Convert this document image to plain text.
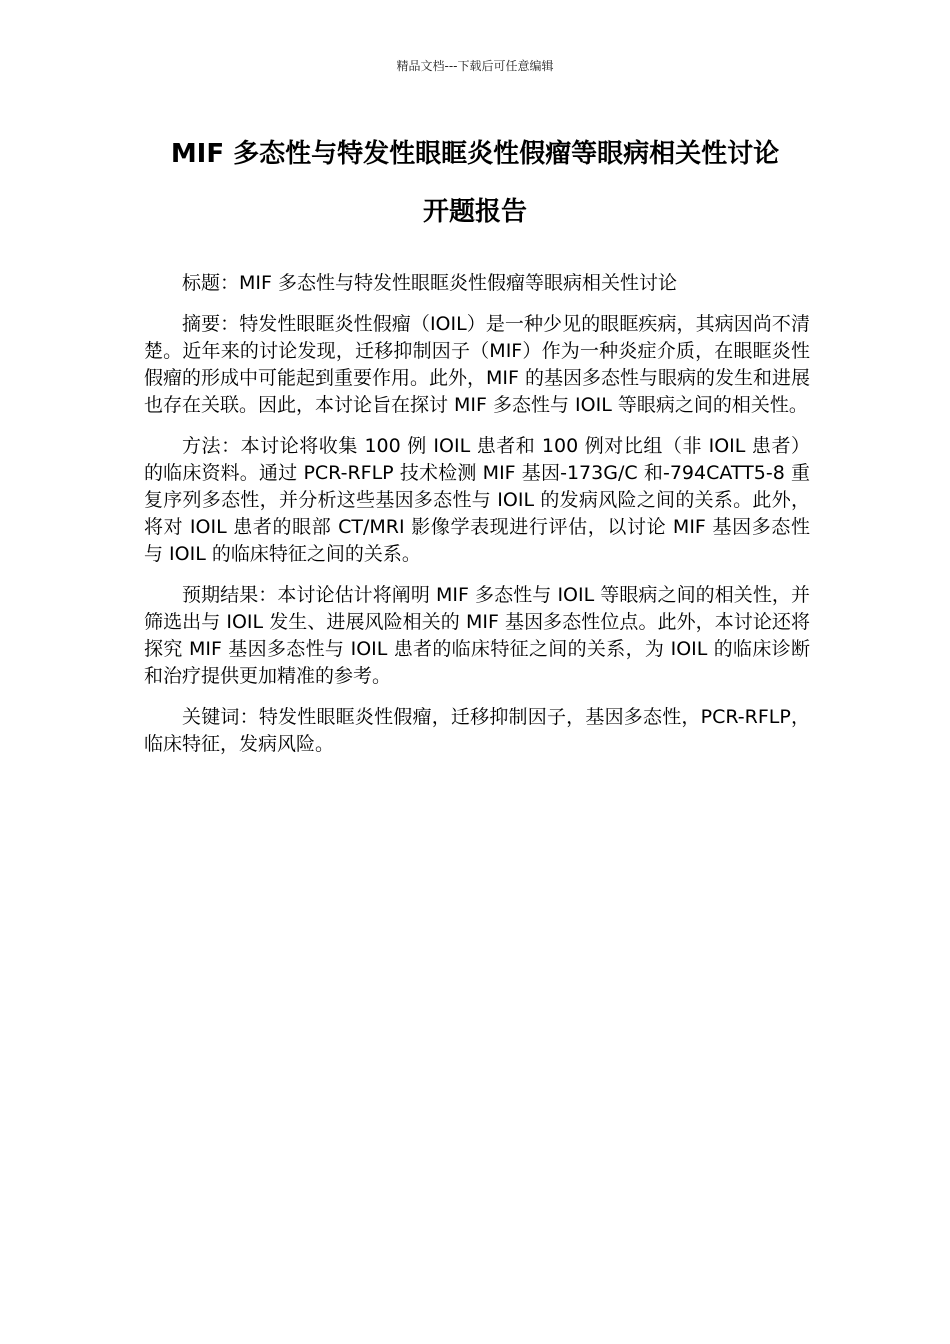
精品文档---下载后可任意编辑
MIF 多态性与特发性眼眶炎性假瘤等眼病相关性讨论
开题报告

标题：MIF 多态性与特发性眼眶炎性假瘤等眼病相关性讨论

摘要：特发性眼眶炎性假瘤（IOIL）是一种少见的眼眶疾病，其病因尚不清楚。近年来的讨论发现，迁移抑制因子（MIF）作为一种炎症介质，在眼眶炎性假瘤的形成中可能起到重要作用。此外，MIF 的基因多态性与眼病的发生和进展也存在关联。因此，本讨论旨在探讨 MIF 多态性与 IOIL 等眼病之间的相关性。

方法：本讨论将收集 100 例 IOIL 患者和 100 例对比组（非 IOIL 患者）的临床资料。通过 PCR-RFLP 技术检测 MIF 基因-173G/C 和-794CATT5-8 重复序列多态性，并分析这些基因多态性与 IOIL 的发病风险之间的关系。此外，将对 IOIL 患者的眼部 CT/MRI 影像学表现进行评估，以讨论 MIF 基因多态性与 IOIL 的临床特征之间的关系。

预期结果：本讨论估计将阐明 MIF 多态性与 IOIL 等眼病之间的相关性，并筛选出与 IOIL 发生、进展风险相关的 MIF 基因多态性位点。此外，本讨论还将探究 MIF 基因多态性与 IOIL 患者的临床特征之间的关系，为 IOIL 的临床诊断和治疗提供更加精准的参考。

关键词：特发性眼眶炎性假瘤，迁移抑制因子，基因多态性，PCR-RFLP，临床特征，发病风险。
